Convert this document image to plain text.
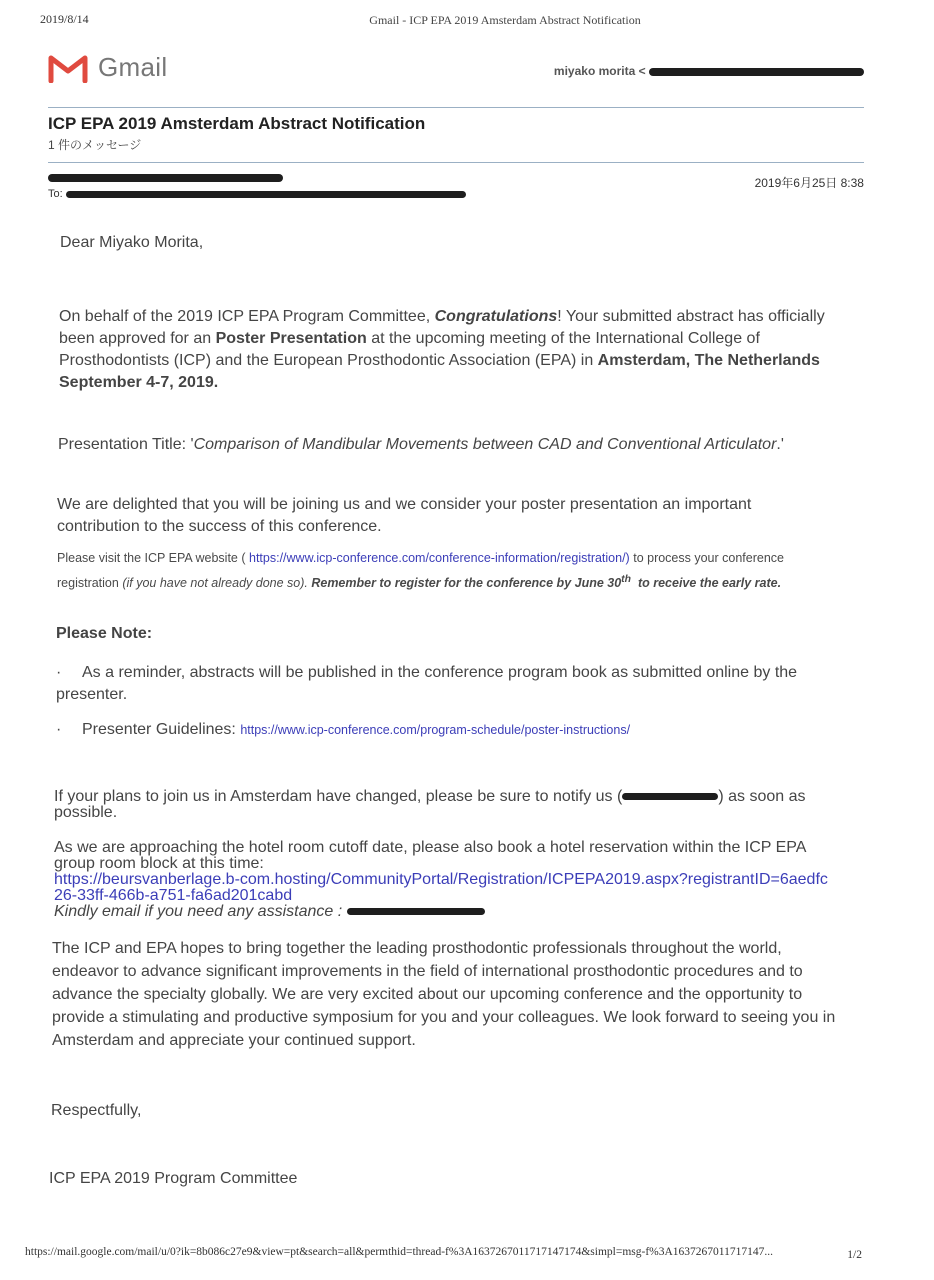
2019/8/14	Gmail - ICP EPA 2019 Amsterdam Abstract Notification
Gmail	miyako morita <
ICP EPA 2019 Amsterdam Abstract Notification
1 件のメッセージ
2019年6月25日 8:38
To:
Dear Miyako Morita,
On behalf of the 2019 ICP EPA Program Committee, Congratulations! Your submitted abstract has officially been approved for an Poster Presentation at the upcoming meeting of the International College of Prosthodontists (ICP) and the European Prosthodontic Association (EPA) in Amsterdam, The Netherlands September 4-7, 2019.
Presentation Title: 'Comparison of Mandibular Movements between CAD and Conventional Articulator.'
We are delighted that you will be joining us and we consider your poster presentation an important contribution to the success of this conference.
Please visit the ICP EPA website ( https://www.icp-conference.com/conference-information/registration/) to process your conference registration (if you have not already done so). Remember to register for the conference by June 30th to receive the early rate.
Please Note:
· As a reminder, abstracts will be published in the conference program book as submitted online by the presenter.
· Presenter Guidelines: https://www.icp-conference.com/program-schedule/poster-instructions/
If your plans to join us in Amsterdam have changed, please be sure to notify us (	) as soon as possible.
As we are approaching the hotel room cutoff date, please also book a hotel reservation within the ICP EPA group room block at this time:
https://beursvanberlage.b-com.hosting/CommunityPortal/Registration/ICPEPA2019.aspx?registrantID=6aedfc26-33ff-466b-a751-fa6ad201cabd
Kindly email if you need any assistance :
The ICP and EPA hopes to bring together the leading prosthodontic professionals throughout the world, endeavor to advance significant improvements in the field of international prosthodontic procedures and to advance the specialty globally. We are very excited about our upcoming conference and the opportunity to provide a stimulating and productive symposium for you and your colleagues. We look forward to seeing you in Amsterdam and appreciate your continued support.
Respectfully,
ICP EPA 2019 Program Committee
https://mail.google.com/mail/u/0?ik=8b086c27e9&view=pt&search=all&permthid=thread-f%3A1637267011717147174&simpl=msg-f%3A1637267011717147...	1/2
